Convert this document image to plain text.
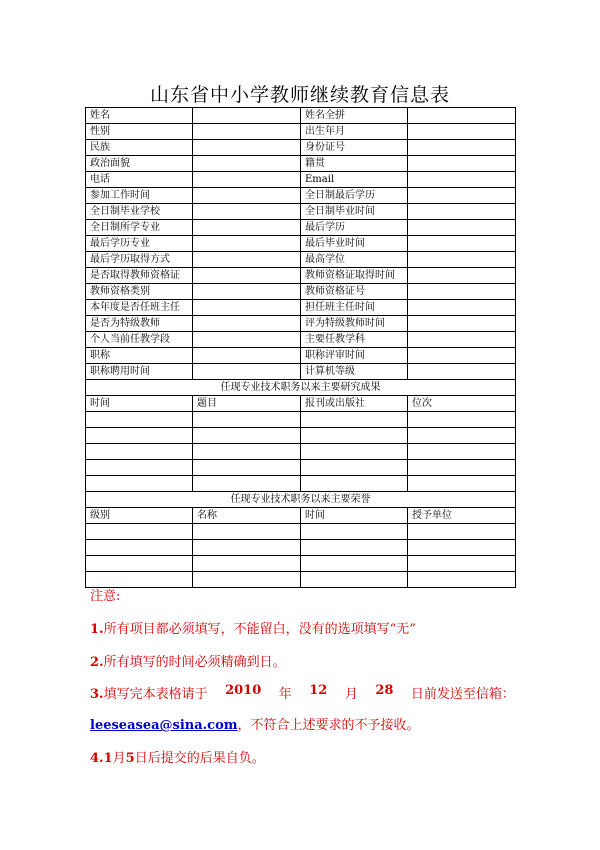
山东省中小学教师继续教育信息表
姓名		姓名全拼	
性别		出生年月	
民族		身份证号	
政治面貌		籍贯	
电话		Email	
参加工作时间		全日制最后学历	
全日制毕业学校		全日制毕业时间	
全日制所学专业		最后学历	
最后学历专业		最后毕业时间	
最后学历取得方式		最高学位	
是否取得教师资格证		教师资格证取得时间	
教师资格类别		教师资格证号	
本年度是否任班主任		担任班主任时间	
是否为特级教师		评为特级教师时间	
个人当前任教学段		主要任教学科	
职称		职称评审时间	
职称聘用时间		计算机等级	
任现专业技术职务以来主要研究成果			
时间	题目	报刊或出版社	位次

任现专业技术职务以来主要荣誉			
级别	名称	时间	授予单位

注意:

1.所有项目都必须填写，不能留白，没有的选项填写“无”

2.所有填写的时间必须精确到日。

3.填写完本表格请于 2010 年 12 月 28 日前发送至信箱：

leeseasea@sina.com，不符合上述要求的不予接收。

4.1月5日后提交的后果自负。
